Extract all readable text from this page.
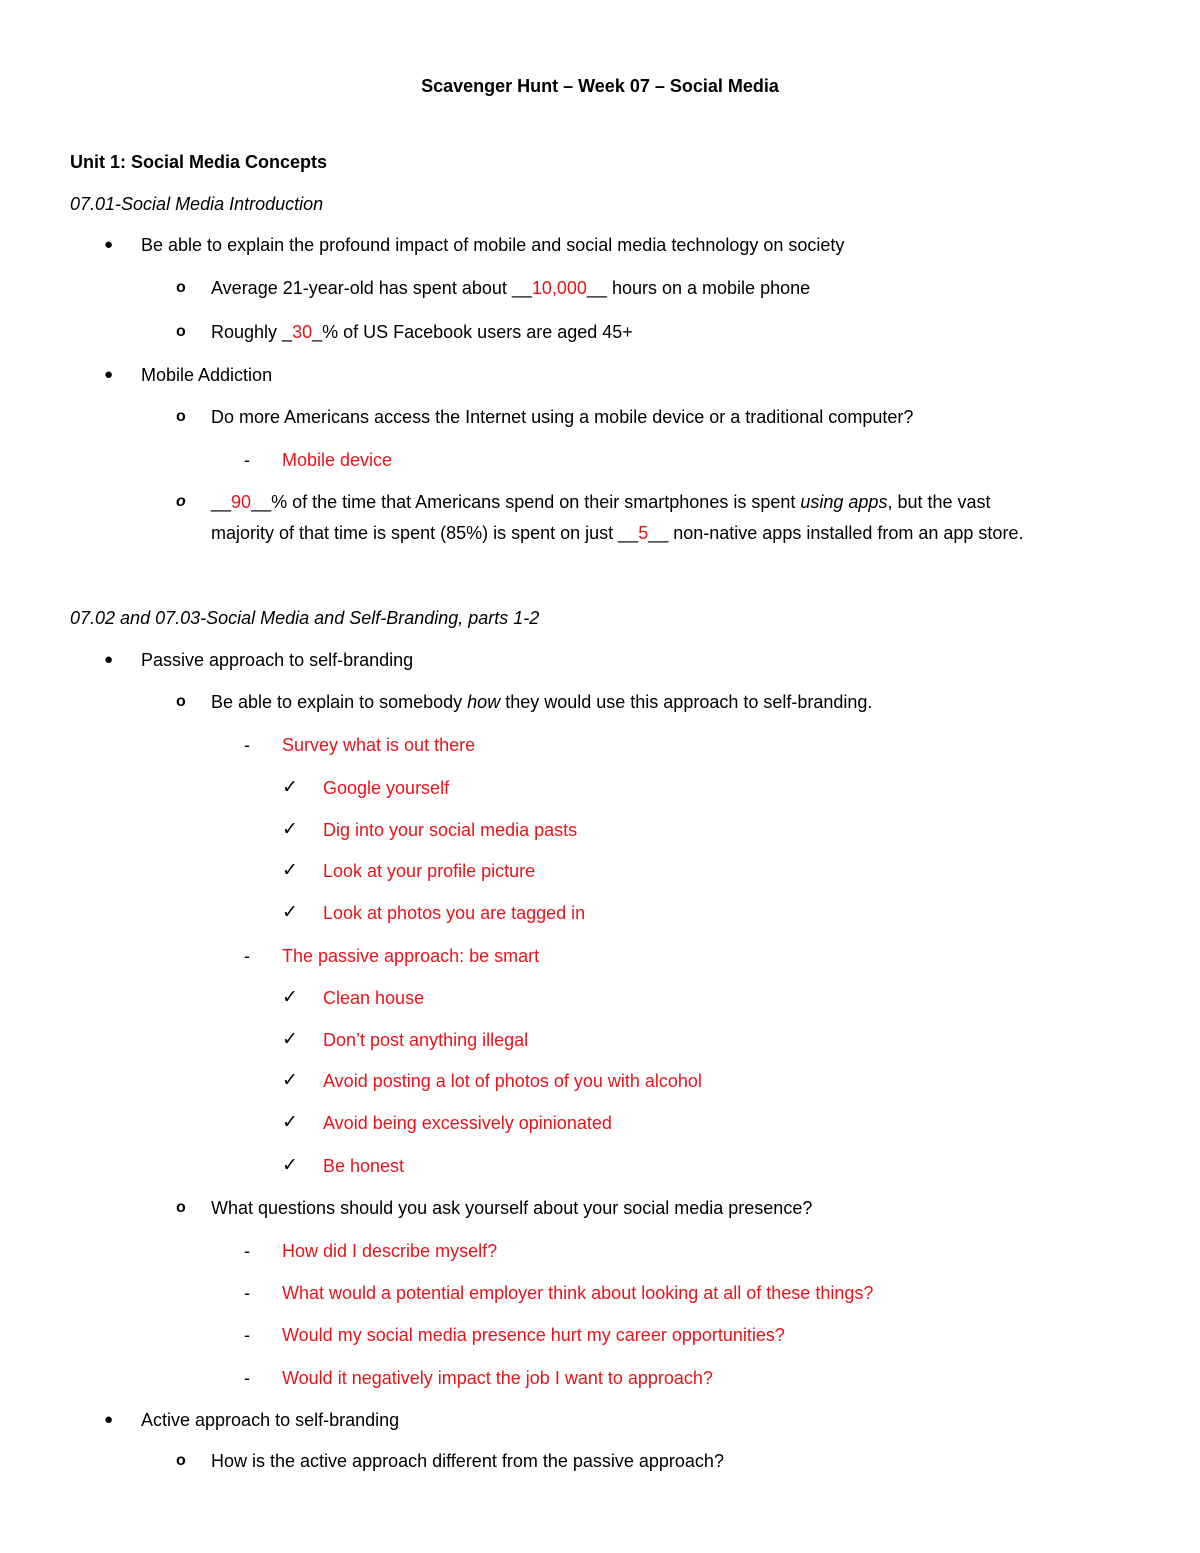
Scavenger Hunt – Week 07 – Social Media
Unit 1: Social Media Concepts
07.01-Social Media Introduction
● Be able to explain the profound impact of mobile and social media technology on society
o Average 21-year-old has spent about __10,000__ hours on a mobile phone
o Roughly _30_% of US Facebook users are aged 45+
● Mobile Addiction
o Do more Americans access the Internet using a mobile device or a traditional computer?
- Mobile device
o __90__% of the time that Americans spend on their smartphones is spent using apps, but the vast
majority of that time is spent (85%) is spent on just __5__ non-native apps installed from an app store.
07.02 and 07.03-Social Media and Self-Branding, parts 1-2
● Passive approach to self-branding
o Be able to explain to somebody how they would use this approach to self-branding.
- Survey what is out there
✓ Google yourself
✓ Dig into your social media pasts
✓ Look at your profile picture
✓ Look at photos you are tagged in
- The passive approach: be smart
✓ Clean house
✓ Don’t post anything illegal
✓ Avoid posting a lot of photos of you with alcohol
✓ Avoid being excessively opinionated
✓ Be honest
o What questions should you ask yourself about your social media presence?
- How did I describe myself?
- What would a potential employer think about looking at all of these things?
- Would my social media presence hurt my career opportunities?
- Would it negatively impact the job I want to approach?
● Active approach to self-branding
o How is the active approach different from the passive approach?
